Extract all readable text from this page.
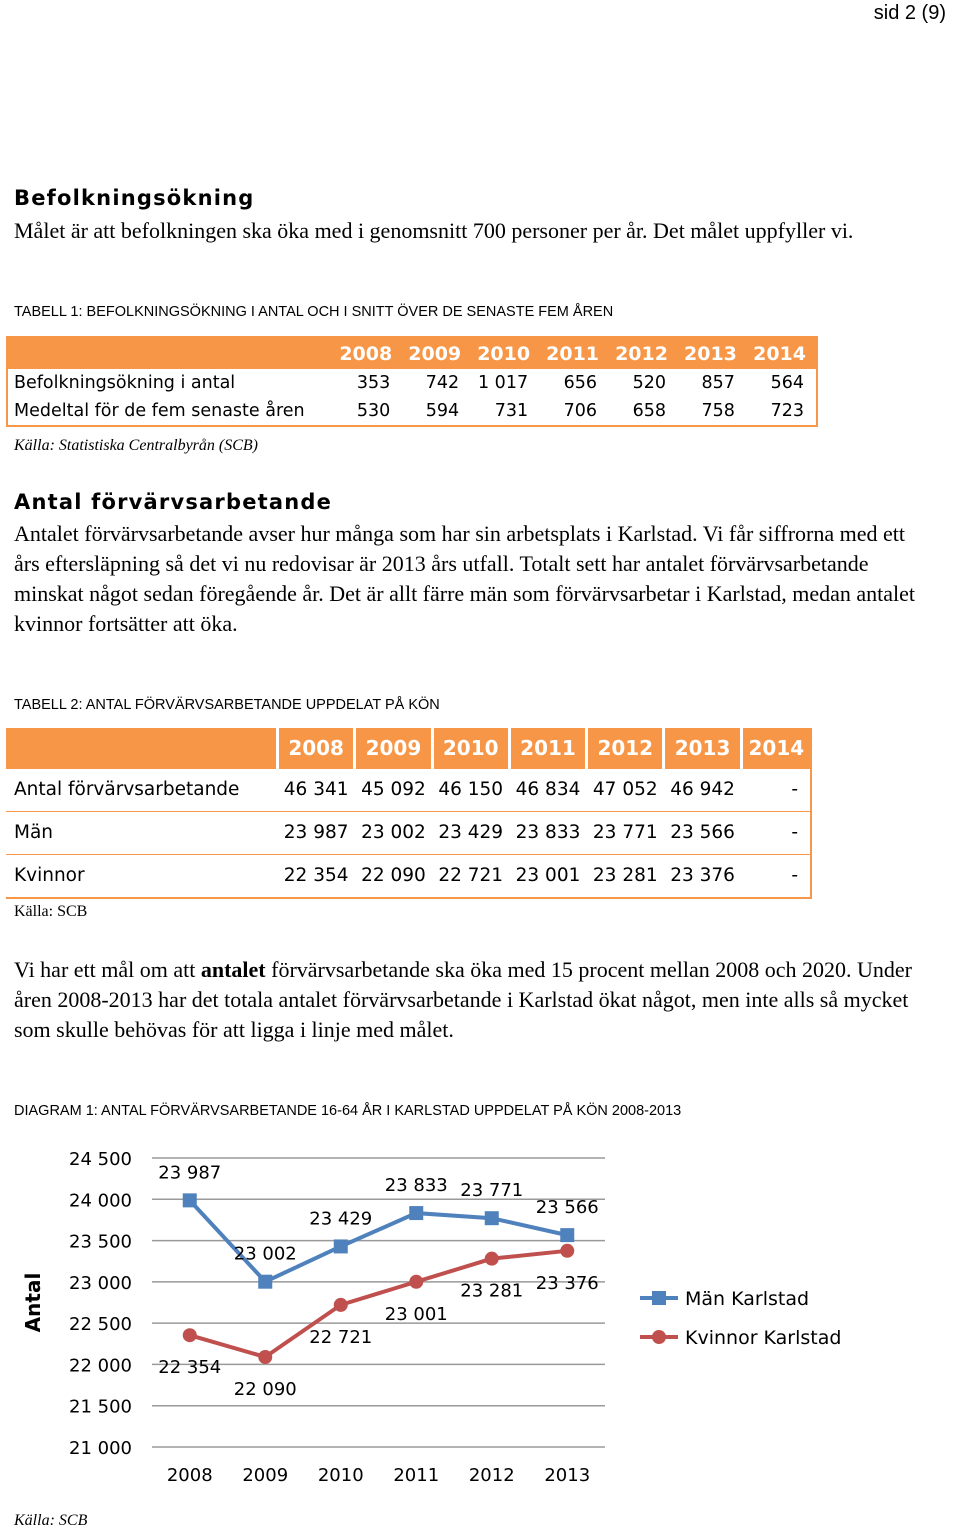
sid 2 (9)
Befolkningsökning
Målet är att befolkningen ska öka med i genomsnitt 700 personer per år. Det målet uppfyller vi.
TABELL 1: BEFOLKNINGSÖKNING I ANTAL OCH I SNITT ÖVER DE SENASTE FEM ÅREN
	2008	2009	2010	2011	2012	2013	2014
Befolkningsökning i antal	353	742	1 017	656	520	857	564
Medeltal för de fem senaste åren	530	594	731	706	658	758	723
Källa: Statistiska Centralbyrån (SCB)
Antal förvärvsarbetande
Antalet förvärvsarbetande avser hur många som har sin arbetsplats i Karlstad. Vi får siffrorna med ett års eftersläpning så det vi nu redovisar är 2013 års utfall. Totalt sett har antalet förvärvsarbetande minskat något sedan föregående år. Det är allt färre män som förvärvsarbetar i Karlstad, medan antalet kvinnor fortsätter att öka.
TABELL 2: ANTAL FÖRVÄRVSARBETANDE UPPDELAT PÅ KÖN
	2008	2009	2010	2011	2012	2013	2014
Antal förvärvsarbetande	46 341	45 092	46 150	46 834	47 052	46 942	-
Män	23 987	23 002	23 429	23 833	23 771	23 566	-
Kvinnor	22 354	22 090	22 721	23 001	23 281	23 376	-
Källa: SCB
Vi har ett mål om att antalet förvärvsarbetande ska öka med 15 procent mellan 2008 och 2020. Under åren 2008-2013 har det totala antalet förvärvsarbetande i Karlstad ökat något, men inte alls så mycket som skulle behövas för att ligga i linje med målet.
DIAGRAM 1: ANTAL FÖRVÄRVSARBETANDE 16-64 ÅR I KARLSTAD UPPDELAT PÅ KÖN 2008-2013
21 000
21 500
22 000
22 500
23 000
23 500
24 000
24 500
2008 2009 2010 2011 2012 2013
Antal
23 987
23 002
23 429
23 833 23 771
23 566
22 354
22 090
22 721
23 001
23 281 23 376
Män Karlstad
Kvinnor Karlstad
Källa: SCB
